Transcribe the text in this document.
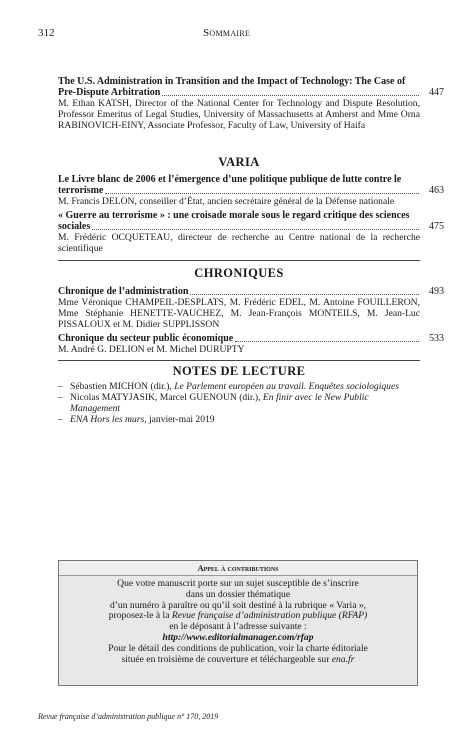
312	Sommaire
The U.S. Administration in Transition and the Impact of Technology: The Case of
Pre-Dispute Arbitration
M. Ethan KATSH, Director of the National Center for Technology and Dispute Resolution, Professor Emeritus of Legal Studies, University of Massachusetts at Amherst and Mme Orna RABINOVICH-EINY, Associate Professor, Faculty of Law, University of Haifa
447
VARIA
Le Livre blanc de 2006 et l’émergence d’une politique publique de lutte contre le
terrorisme
M. Francis DELON, conseiller d’État, ancien secrétaire général de la Défense nationale
463
« Guerre au terrorisme » : une croisade morale sous le regard critique des sciences
sociales
M. Frédéric OCQUETEAU, directeur de recherche au Centre national de la recherche scientifique
475
CHRONIQUES
Chronique de l’administration
Mme Véronique CHAMPEIL-DESPLATS, M. Frédéric EDEL, M. Antoine FOUILLERON, Mme Stéphanie HENETTE-VAUCHEZ, M. Jean-François MONTEILS, M. Jean-Luc PISSALOUX et M. Didier SUPPLISSON
493
Chronique du secteur public économique
M. André G. DELION et M. Michel DURUPTY
533
NOTES DE LECTURE
– Sébastien MICHON (dir.), Le Parlement européen au travail. Enquêtes sociologiques
– Nicolas MATYJASIK, Marcel GUENOUN (dir.), En finir avec le New Public Management
– ENA Hors les murs, janvier-mai 2019
Appel à contributions
Que votre manuscrit porte sur un sujet susceptible de s’inscrire
dans un dossier thématique
d’un numéro à paraître ou qu’il soit destiné à la rubrique « Varia »,
proposez-le à la Revue française d’administration publique (RFAP)
en le déposant à l’adresse suivante :
http://www.editorialmanager.com/rfap
Pour le détail des conditions de publication, voir la charte éditoriale
située en troisième de couverture et téléchargeable sur ena.fr
Revue française d’administration publique n° 170, 2019
